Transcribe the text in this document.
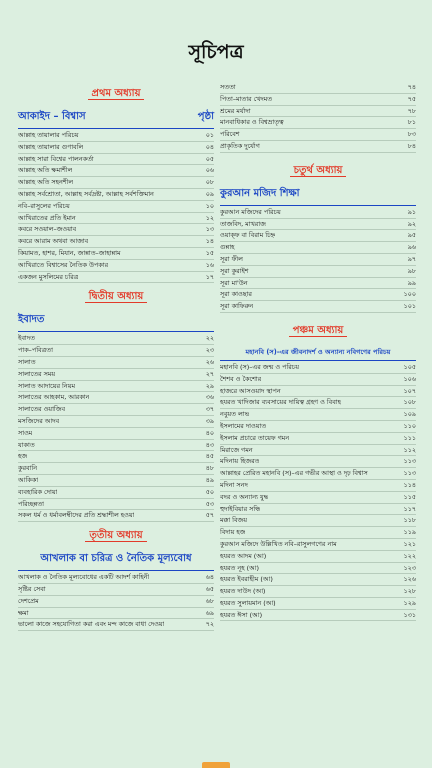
সূচিপত্র
প্রথম অধ্যায়
আকাইদ – বিশ্বাস	পৃষ্ঠা
আল্লাহ তায়ালার পরিচয়	০১
আল্লাহ তায়ালার গুণাবলি	০৪
আল্লাহ সারা বিশ্বের পালনকর্তা	০৫
আল্লাহ অতি ক্ষমাশীল	০৬
আল্লাহ অতি সহনশীল	০৮
আল্লাহ সর্বশ্রোতা, আল্লাহ সর্বদ্রষ্টা, আল্লাহ সর্বশক্তিমান	০৯
নবি–রাসুলের পরিচয়	১০
আখিরাতের প্রতি ইমান	১২
কবরে সওয়াল–জওয়াব	১৩
কবরে আরাম অথবা আজাব	১৪
কিয়ামত, হাশর, মিযান, জান্নাত–জাহান্নাম	১৫
আখিরাতে বিশ্বাসের নৈতিক উপকার	১৬
একজন মুসলিমের চরিত্র	১৭
দ্বিতীয় অধ্যায়
ইবাদত
ইবাদত	২২
পাক–পবিত্রতা	২৩
সালাত	২৬
সালাতের সময়	২৭
সালাত আদায়ের নিয়ম	২৯
সালাতের আহকাম, আরকান	৩৬
সালাতের ওয়াজিব	৩৭
মসজিদের আদব	৩৯
সাওম	৪০
যাকাত	৪৩
হজ	৪৫
কুরবানি	৪৮
আকিকা	৪৯
ব্যবহারিক দোয়া	৫০
পরিচ্ছন্নতা	৫৩
সকল ধর্ম ও ধর্মাবলম্বীদের প্রতি শ্রদ্ধাশীল হওয়া	৫৭
তৃতীয় অধ্যায়
আখলাক বা চরিত্র ও নৈতিক মূল্যবোধ
আখলাক ও নৈতিক মূল্যবোধের একটি আদর্শ কাহিনী	৬৪
সৃষ্টির সেবা	৬৫
দেশপ্রেম	৬৮
ক্ষমা	৬৯
ভালো কাজে সহযোগিতা করা এবং মন্দ কাজে বাধা দেওয়া	৭২
সততা	৭৪
পিতা–মাতার খেদমত	৭৫
শ্রমের মর্যাদা	৭৮
মানবাধিকার ও বিশ্বভ্রাতৃত্ব	৮১
পরিবেশ	৮৩
প্রাকৃতিক দুর্যোগ	৮৪
চতুর্থ অধ্যায়
কুরআন মজিদ শিক্ষা
কুরআন মজিদের পরিচয়	৯১
তাজবিদ, মাখরাজ	৯২
ওয়াক্ফ বা বিরাম চিহ্ন	৯৫
গুন্নাহ	৯৬
সূরা ফীল	৯৭
সূরা কুরাইশ	৯৮
সূরা মা'উন	৯৯
সূরা কাওছার	১০০
সূরা কাফিরুন	১০১
পঞ্চম অধ্যায়
মহানবি (স)–এর জীবনাদর্শ ও অন্যান্য নবিগণের পরিচয়
মহানবি (স)–এর জন্ম ও পরিচয়	১০৫
শৈশব ও কৈশোর	১০৬
হাজরে আসওয়াদ স্থাপন	১০৭
হযরত খাদিজার ব্যবসায়ের দায়িত্ব গ্রহণ ও বিবাহ	১০৮
নবুয়ত লাভ	১০৯
ইসলামের দাওয়াত	১১০
ইসলাম প্রচারে তায়েফ গমন	১১১
মিরাজে গমন	১১২
মদিনায় হিজরত	১১৩
আল্লাহর প্রেরিত মহানবি (স)–এর গভীর আস্থা ও দৃঢ় বিশ্বাস	১১৩
মদিনা সনদ	১১৪
বদর ও অন্যান্য যুদ্ধ	১১৫
হুদাইবিয়ার সন্ধি	১১৭
মক্কা বিজয়	১১৮
বিদায় হজ	১১৯
কুরআন মজিদে উল্লিখিত নবি–রাসুলগণের নাম	১২১
হযরত আদম (আ)	১২২
হযরত নূহ (আ)	১২৩
হযরত ইবরাহীম (আ)	১২৬
হযরত দাউদ (আ)	১২৮
হযরত সুলায়মান (আ)	১২৯
হযরত ঈসা (আ)	১৩১
